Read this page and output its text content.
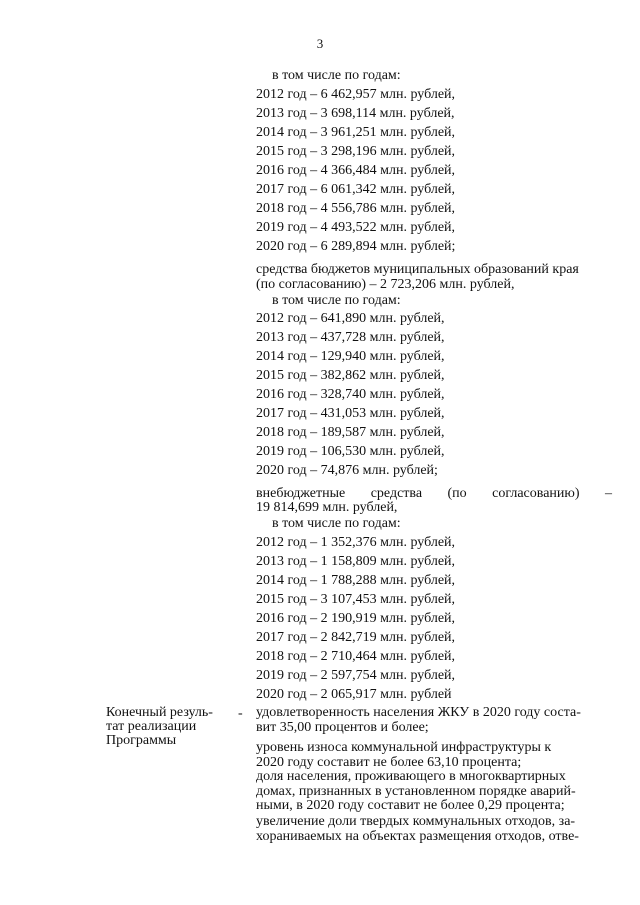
3
в том числе по годам:
2012 год – 6 462,957 млн. рублей,
2013 год – 3 698,114 млн. рублей,
2014 год – 3 961,251 млн. рублей,
2015 год – 3 298,196 млн. рублей,
2016 год – 4 366,484 млн. рублей,
2017 год – 6 061,342 млн. рублей,
2018 год – 4 556,786 млн. рублей,
2019 год – 4 493,522 млн. рублей,
2020 год – 6 289,894 млн. рублей;
средства бюджетов муниципальных образований края
(по согласованию) – 2 723,206 млн. рублей,
в том числе по годам:
2012 год – 641,890 млн. рублей,
2013 год – 437,728 млн. рублей,
2014 год – 129,940 млн. рублей,
2015 год – 382,862 млн. рублей,
2016 год – 328,740 млн. рублей,
2017 год – 431,053 млн. рублей,
2018 год – 189,587 млн. рублей,
2019 год – 106,530 млн. рублей,
2020 год – 74,876 млн. рублей;
внебюджетные средства (по согласованию) –
19 814,699 млн. рублей,
в том числе по годам:
2012 год – 1 352,376 млн. рублей,
2013 год – 1 158,809 млн. рублей,
2014 год – 1 788,288 млн. рублей,
2015 год – 3 107,453 млн. рублей,
2016 год – 2 190,919 млн. рублей,
2017 год – 2 842,719 млн. рублей,
2018 год – 2 710,464 млн. рублей,
2019 год – 2 597,754 млн. рублей,
2020 год – 2 065,917 млн. рублей
Конечный резуль-
тат реализации
Программы
- удовлетворенность населения ЖКУ в 2020 году соста-
вит 35,00 процентов и более;
уровень износа коммунальной инфраструктуры к
2020 году составит не более 63,10 процента;
доля населения, проживающего в многоквартирных
домах, признанных в установленном порядке аварий-
ными, в 2020 году составит не более 0,29 процента;
увеличение доли твердых коммунальных отходов, за-
хораниваемых на объектах размещения отходов, отве-
